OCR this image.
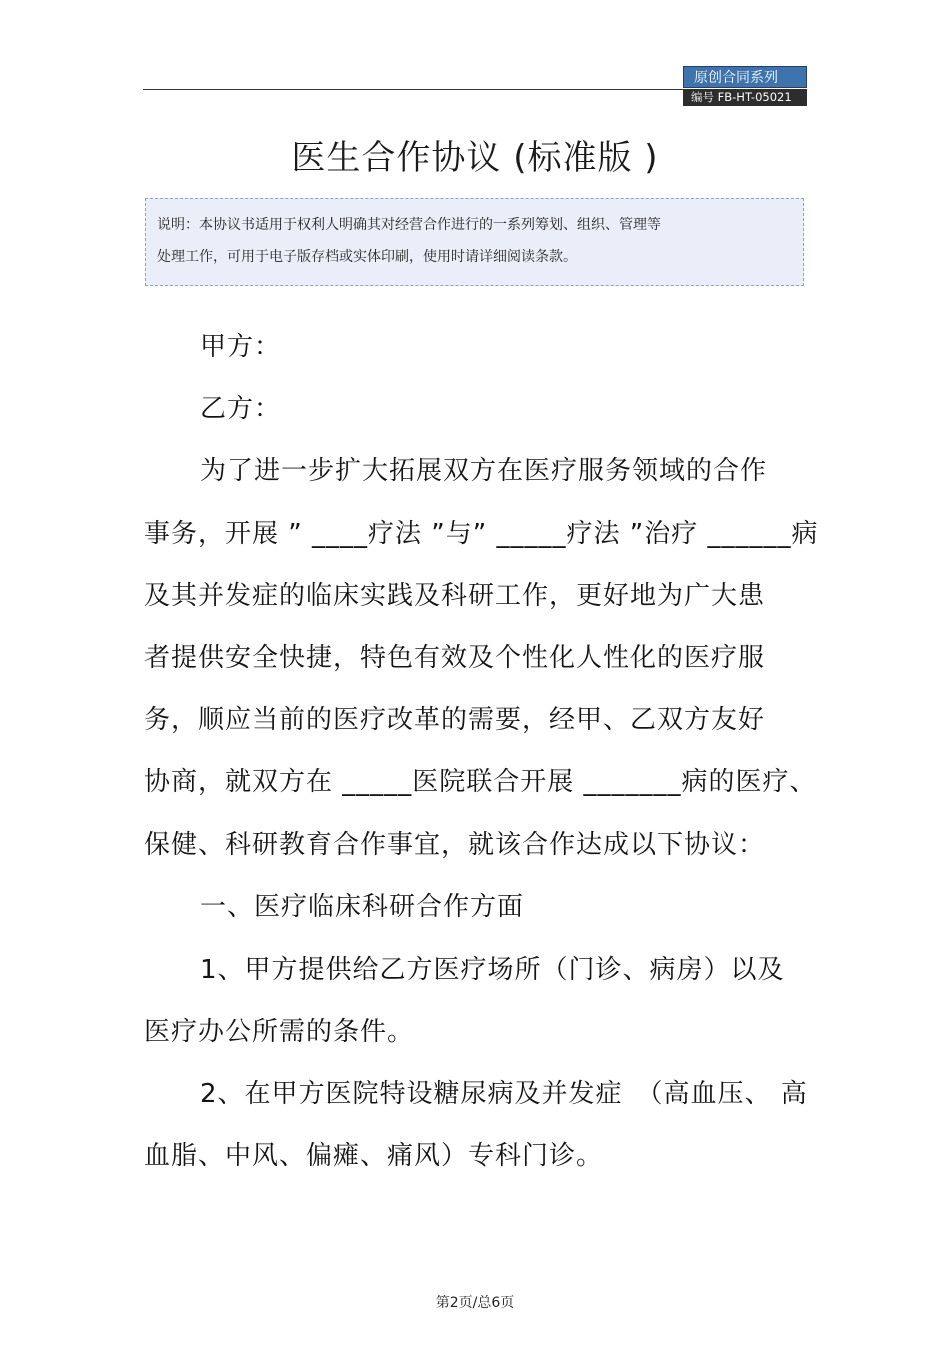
原创合同系列
编号 FB-HT-05021
医生合作协议 (标准版 )

说明：本协议书适用于权利人明确其对经营合作进行的一系列筹划、组织、管理等

处理工作，可用于电子版存档或实体印刷，使用时请详细阅读条款。

甲方：

乙方：

为了进一步扩大拓展双方在医疗服务领域的合作

事务，开展 ” ____疗法 ”与” _____疗法 ”治疗 ______病

及其并发症的临床实践及科研工作，更好地为广大患

者提供安全快捷，特色有效及个性化人性化的医疗服

务，顺应当前的医疗改革的需要，经甲、乙双方友好

协商，就双方在 _____医院联合开展 _______病的医疗、

保健、科研教育合作事宜，就该合作达成以下协议：

一、医疗临床科研合作方面

1、甲方提供给乙方医疗场所（门诊、病房）以及

医疗办公所需的条件。

2、在甲方医院特设糖尿病及并发症　（高血压、 高

血脂、中风、偏瘫、痛风）专科门诊。

第2页/总6页
